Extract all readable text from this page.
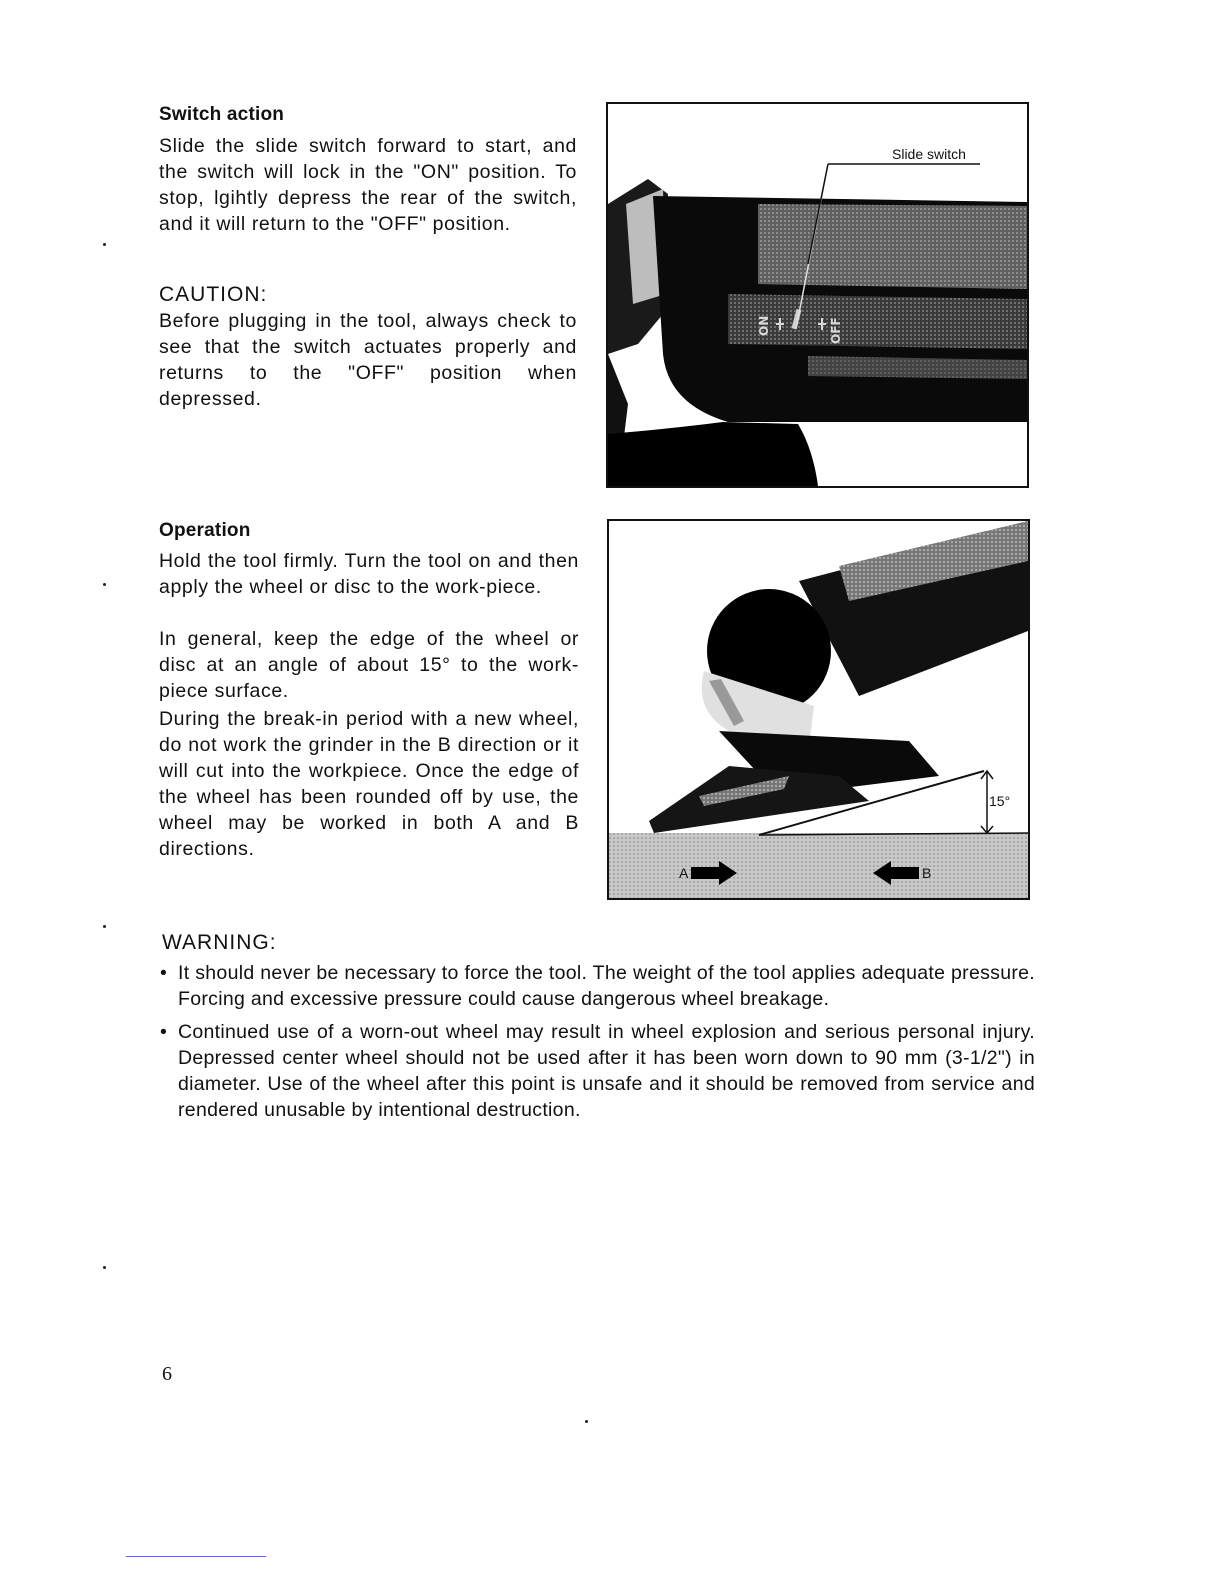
Switch action
Slide the slide switch forward to start, and the switch will lock in the "ON" position. To stop, lgihtly depress the rear of the switch, and it will return to the "OFF" position.
CAUTION:
Before plugging in the tool, always check to see that the switch actuates properly and returns to the "OFF" position when depressed.
ON	OFF
Slide switch
Operation
Hold the tool firmly. Turn the tool on and then apply the wheel or disc to the work-piece.
In general, keep the edge of the wheel or disc at an angle of about 15° to the work-piece surface.
During the break-in period with a new wheel, do not work the grinder in the B direction or it will cut into the workpiece. Once the edge of the wheel has been rounded off by use, the wheel may be worked in both A and B directions.
15°
A	B
WARNING:
• It should never be necessary to force the tool. The weight of the tool applies adequate pressure. Forcing and excessive pressure could cause dangerous wheel breakage.
• Continued use of a worn-out wheel may result in wheel explosion and serious personal injury. Depressed center wheel should not be used after it has been worn down to 90 mm (3-1/2") in diameter. Use of the wheel after this point is unsafe and it should be removed from service and rendered unusable by intentional destruction.
6
